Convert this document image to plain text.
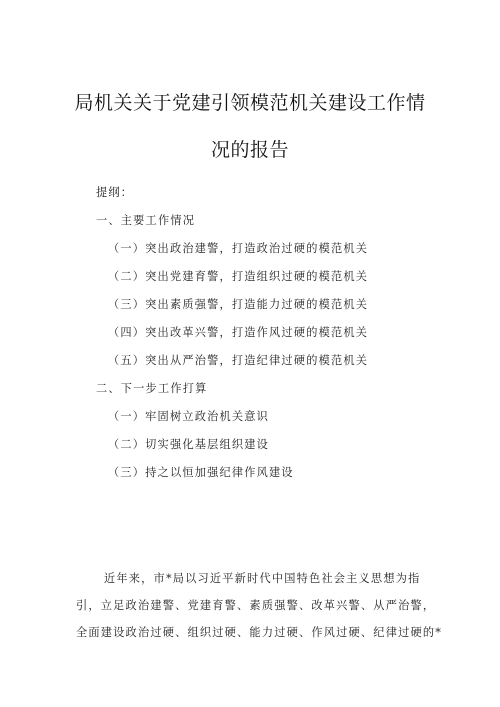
局机关关于党建引领模范机关建设工作情
况的报告
提纲：
一、主要工作情况
（一）突出政治建警，打造政治过硬的模范机关
（二）突出党建育警，打造组织过硬的模范机关
（三）突出素质强警，打造能力过硬的模范机关
（四）突出改革兴警，打造作风过硬的模范机关
（五）突出从严治警，打造纪律过硬的模范机关
二、下一步工作打算
（一）牢固树立政治机关意识
（二）切实强化基层组织建设
（三）持之以恒加强纪律作风建设
近年来，市*局以习近平新时代中国特色社会主义思想为指
引，立足政治建警、党建育警、素质强警、改革兴警、从严治警，
全面建设政治过硬、组织过硬、能力过硬、作风过硬、纪律过硬的*
